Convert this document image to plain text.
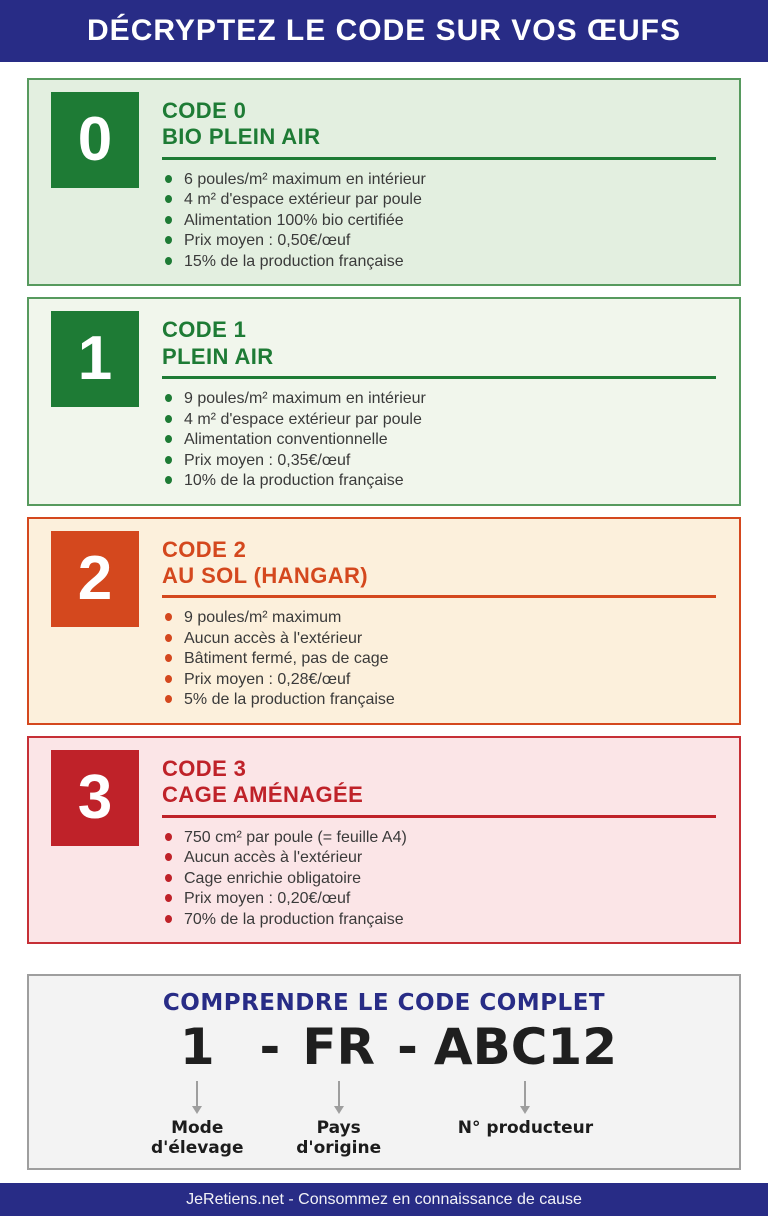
DÉCRYPTEZ LE CODE SUR VOS ŒUFS
0 CODE 0
BIO PLEIN AIR
6 poules/m² maximum en intérieur
4 m² d'espace extérieur par poule
Alimentation 100% bio certifiée
Prix moyen : 0,50€/œuf
15% de la production française
1 CODE 1
PLEIN AIR
9 poules/m² maximum en intérieur
4 m² d'espace extérieur par poule
Alimentation conventionnelle
Prix moyen : 0,35€/œuf
10% de la production française
2 CODE 2
AU SOL (HANGAR)
9 poules/m² maximum
Aucun accès à l'extérieur
Bâtiment fermé, pas de cage
Prix moyen : 0,28€/œuf
5% de la production française
3 CODE 3
CAGE AMÉNAGÉE
750 cm² par poule (= feuille A4)
Aucun accès à l'extérieur
Cage enrichie obligatoire
Prix moyen : 0,20€/œuf
70% de la production française
COMPRENDRE LE CODE COMPLET
1 - FR - ABC12
Mode
d'élevage
Pays
d'origine
N° producteur
JeRetiens.net - Consommez en connaissance de cause
